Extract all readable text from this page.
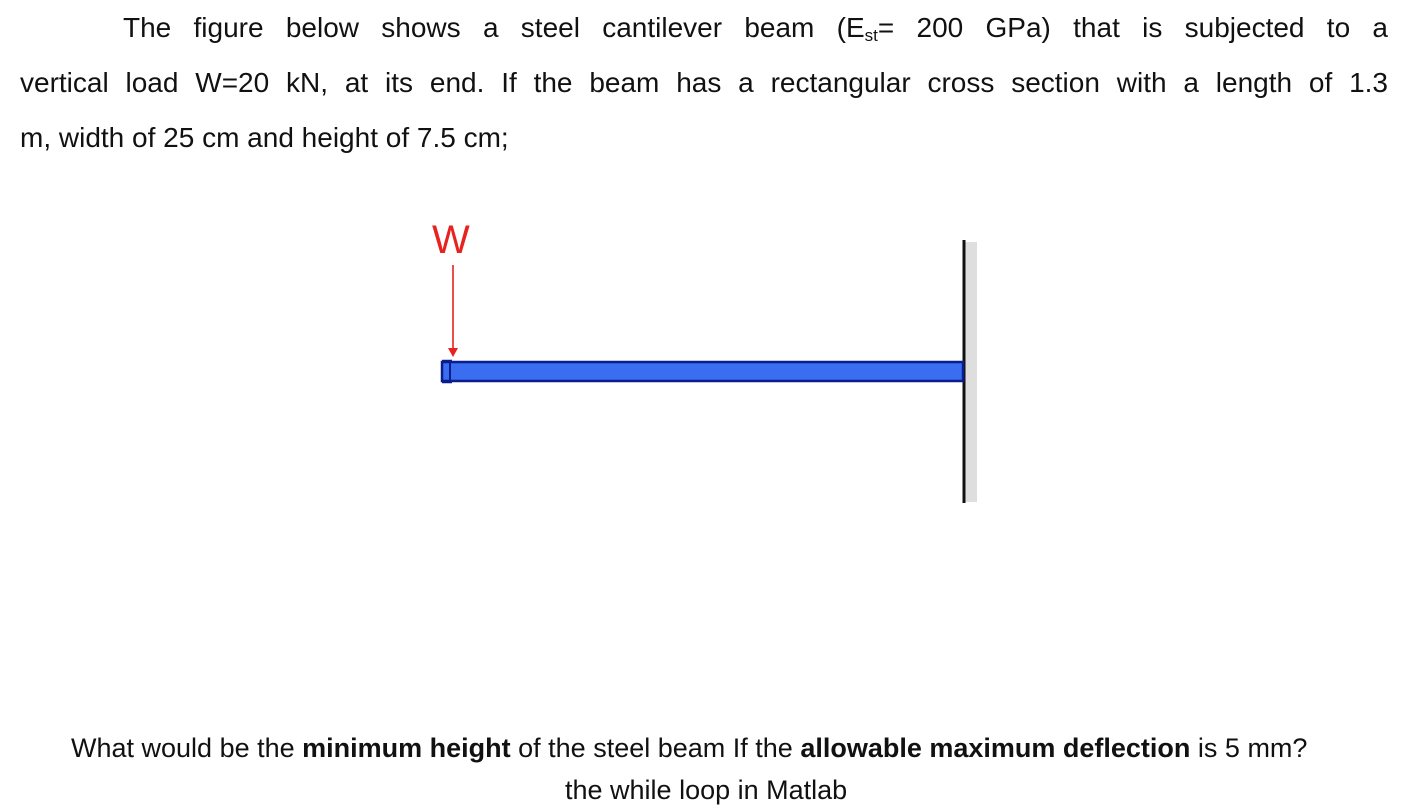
The figure below shows a steel cantilever beam ($E_{st}= 200$ GPa) that is subjected to a
vertical load W=20 kN, at its end. If the beam has a rectangular cross section with a length of 1.3
m, width of 25 cm and height of 7.5 cm;
W

What would be the minimum height of the steel beam If the allowable maximum deflection is 5 mm?

the while loop in Matlab
